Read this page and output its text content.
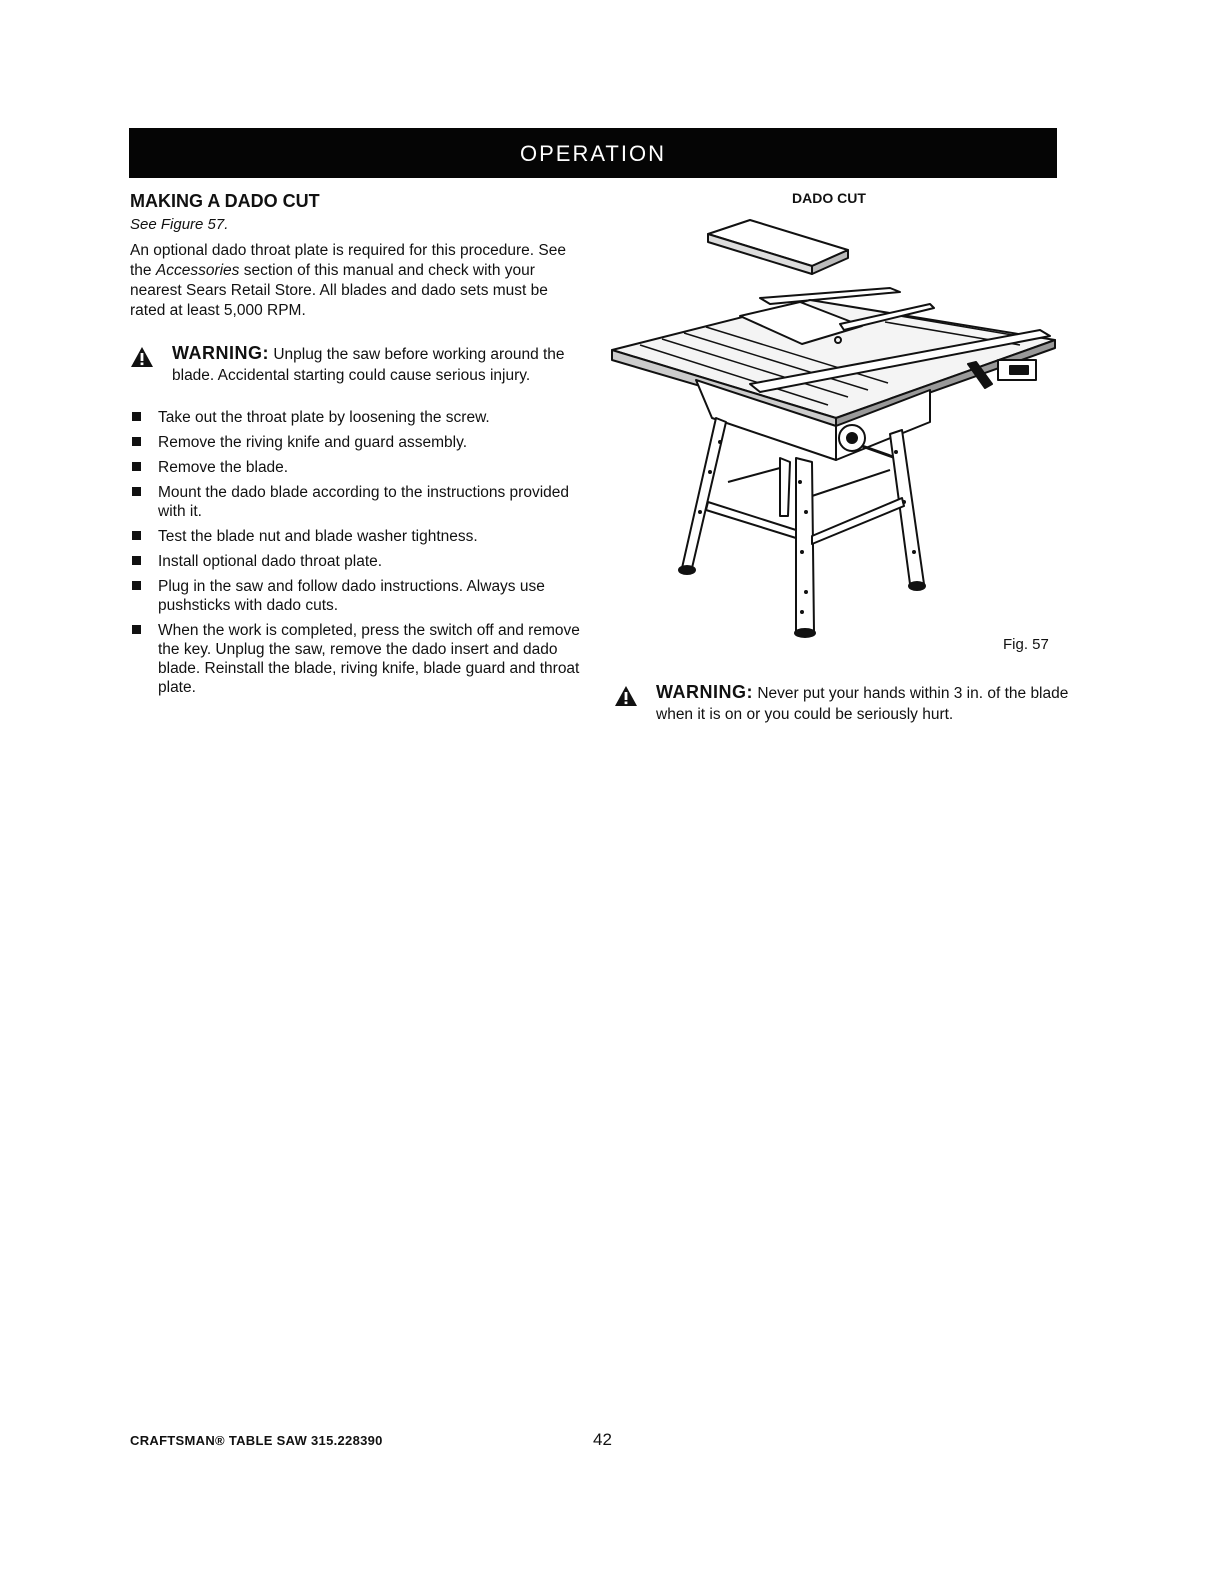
OPERATION
MAKING A DADO CUT

See Figure 57.

An optional dado throat plate is required for this procedure. See the Accessories section of this manual and check with your nearest Sears Retail Store. All blades and dado sets must be rated at least 5,000 RPM.

WARNING: Unplug the saw before working around the blade. Accidental starting could cause serious injury.
Take out the throat plate by loosening the screw.
Remove the riving knife and guard assembly.
Remove the blade.
Mount the dado blade according to the instructions provided with it.
Test the blade nut and blade washer tightness.
Install optional dado throat plate.
Plug in the saw and follow dado instructions. Always use pushsticks with dado cuts.
When the work is completed, press the switch off and remove the key. Unplug the saw, remove the dado insert and dado blade. Reinstall the blade, riving knife, blade guard and throat plate.
DADO CUT
Fig. 57
WARNING: Never put your hands within 3 in. of the blade when it is on or you could be seriously hurt.
CRAFTSMAN® TABLE SAW 315.228390	42
